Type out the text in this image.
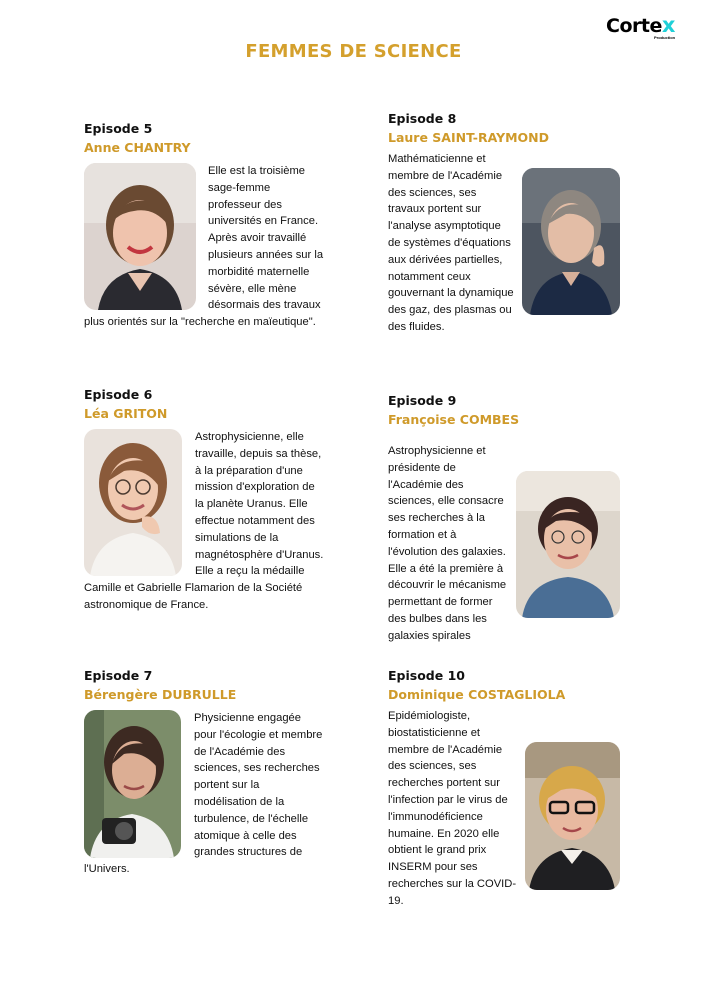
Cortex
Production
FEMMES DE SCIENCE
Episode 5
Anne CHANTRY
Elle est la troisième sage-femme professeur des universités en France. Après avoir travaillé plusieurs années sur la morbidité maternelle sévère, elle mène désormais des travaux plus orientés sur la "recherche en maïeutique".
Episode 8
Laure SAINT-RAYMOND
Mathématicienne et membre de l'Académie des sciences, ses travaux portent sur l'analyse asymptotique de systèmes d'équations aux dérivées partielles, notamment ceux gouvernant la dynamique des gaz, des plasmas ou des fluides.
Episode 6
Léa GRITON
Astrophysicienne, elle travaille, depuis sa thèse, à la préparation d'une mission d'exploration de la planète Uranus. Elle effectue notamment des simulations de la magnétosphère d'Uranus. Elle a reçu la médaille Camille et Gabrielle Flamarion de la Société astronomique de France.
Episode 9
Françoise COMBES
Astrophysicienne et présidente de l'Académie des sciences, elle consacre ses recherches à la formation et à l'évolution des galaxies. Elle a été la première à découvrir le mécanisme permettant de former des bulbes dans les galaxies spirales
Episode 7
Bérengère DUBRULLE
Physicienne engagée pour l'écologie et membre de l'Académie des sciences, ses recherches portent sur la modélisation de la turbulence, de l'échelle atomique à celle des grandes structures de l'Univers.
Episode 10
Dominique COSTAGLIOLA
Epidémiologiste, biostatisticienne et membre de l'Académie des sciences, ses recherches portent sur l'infection par le virus de l'immunodéficience humaine. En 2020 elle obtient le grand prix INSERM pour ses recherches sur la COVID-19.
